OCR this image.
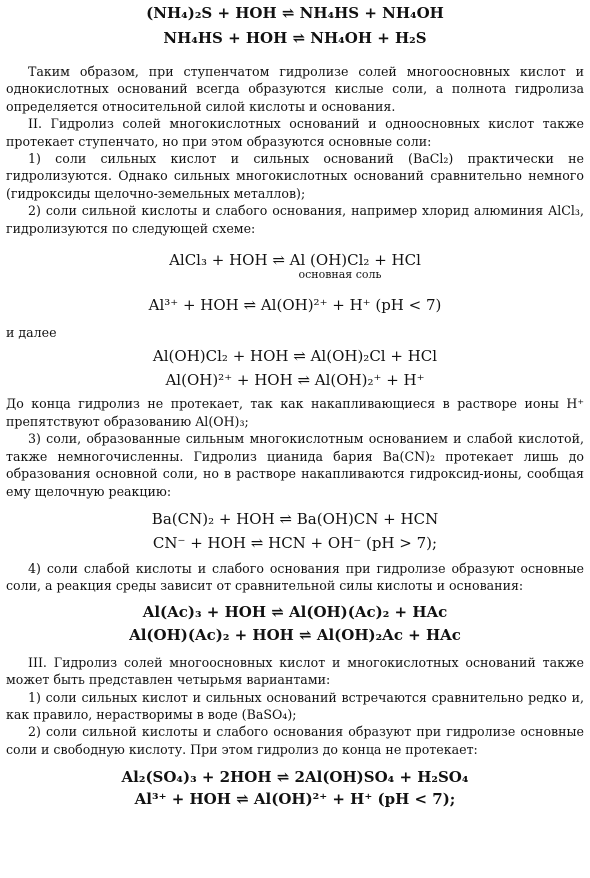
(NH₄)₂S + HOH ⇌ NH₄HS + NH₄OH
NH₄HS + HOH ⇌ NH₄OH + H₂S

Таким образом, при ступенчатом гидролизе солей многоосновных кислот и однокислотных оснований всегда образуются кислые соли, а полнота гидролиза определяется относительной силой кислоты и основания.

II. Гидролиз солей многокислотных оснований и одноосновных кислот также протекает ступенчато, но при этом образуются основные соли:

1) соли сильных кислот и сильных оснований (BaCl₂) практически не гидролизуются. Однако сильных многокислотных оснований сравнительно немного (гидроксиды щелочно-земельных металлов);

2) соли сильной кислоты и слабого основания, например хлорид алюминия AlCl₃, гидролизуются по следующей схеме:

AlCl₃ + HOH ⇌ Al (OH)Cl₂ + HCl
основная соль
Al³⁺ + HOH ⇌ Al(OH)²⁺ + H⁺ (pH < 7)

и далее

Al(OH)Cl₂ + HOH ⇌ Al(OH)₂Cl + HCl
Al(OH)²⁺ + HOH ⇌ Al(OH)₂⁺ + H⁺

До конца гидролиз не протекает, так как накапливающиеся в растворе ионы H⁺ препятствуют образованию Al(OH)₃;

3) соли, образованные сильным многокислотным основанием и слабой кислотой, также немногочисленны. Гидролиз цианида бария Ba(CN)₂ протекает лишь до образования основной соли, но в растворе накапливаются гидроксид-ионы, сообщая ему щелочную реакцию:

Ba(CN)₂ + HOH ⇌ Ba(OH)CN + HCN
CN⁻ + HOH ⇌ HCN + OH⁻ (pH > 7);

4) соли слабой кислоты и слабого основания при гидролизе образуют основные соли, а реакция среды зависит от сравнительной силы кислоты и основания:

Al(Ac)₃ + HOH ⇌ Al(OH)(Ac)₂ + HAc
Al(OH)(Ac)₂ + HOH ⇌ Al(OH)₂Ac + HAc

III. Гидролиз солей многоосновных кислот и многокислотных оснований также может быть представлен четырьмя вариантами:

1) соли сильных кислот и сильных оснований встречаются сравнительно редко и, как правило, нерастворимы в воде (BaSO₄);

2) соли сильной кислоты и слабого основания образуют при гидролизе основные соли и свободную кислоту. При этом гидролиз до конца не протекает:

Al₂(SO₄)₃ + 2HOH ⇌ 2Al(OH)SO₄ + H₂SO₄
Al³⁺ + HOH ⇌ Al(OH)²⁺ + H⁺ (pH < 7);
